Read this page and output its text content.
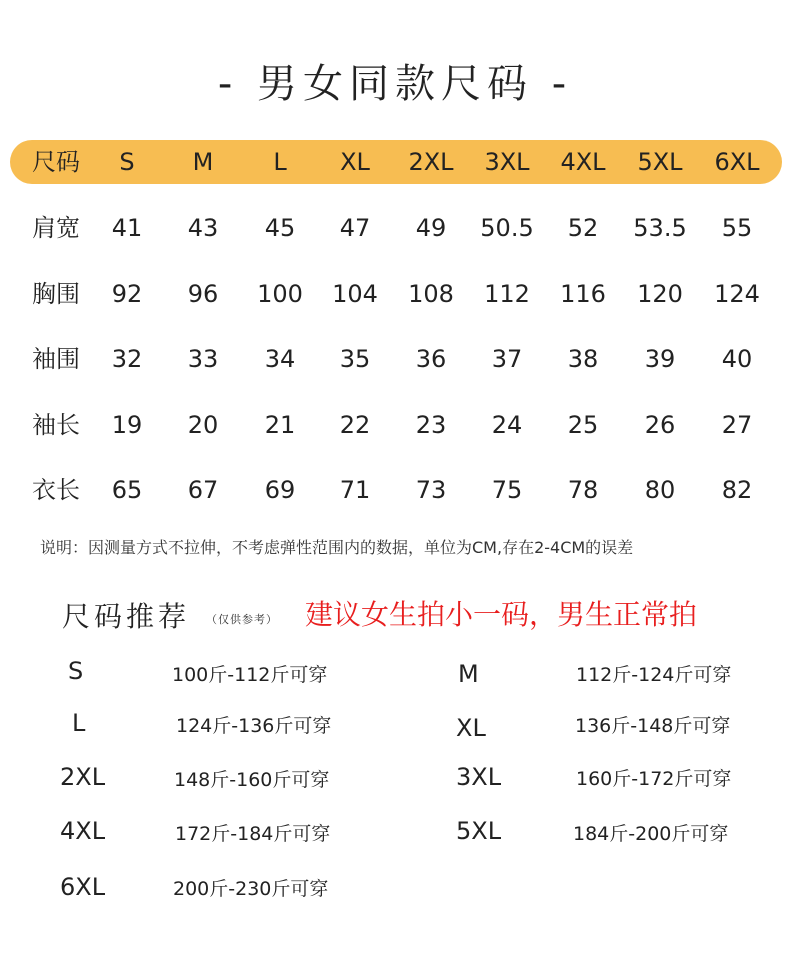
- 男女同款尺码 -
尺码	S	M	L	XL	2XL	3XL	4XL	5XL	6XL
肩宽	41	43	45	47	49	50.5	52	53.5	55
胸围	92	96	100	104	108	112	116	120	124
袖围	32	33	34	35	36	37	38	39	40
袖长	19	20	21	22	23	24	25	26	27
衣长	65	67	69	71	73	75	78	80	82
说明：因测量方式不拉伸，不考虑弹性范围内的数据，单位为CM,存在2-4CM的误差
尺码推荐 （仅供参考） 建议女生拍小一码，男生正常拍
S	100斤-112斤可穿	M	112斤-124斤可穿
L	124斤-136斤可穿	XL	136斤-148斤可穿
2XL	148斤-160斤可穿	3XL	160斤-172斤可穿
4XL	172斤-184斤可穿	5XL	184斤-200斤可穿
6XL	200斤-230斤可穿
